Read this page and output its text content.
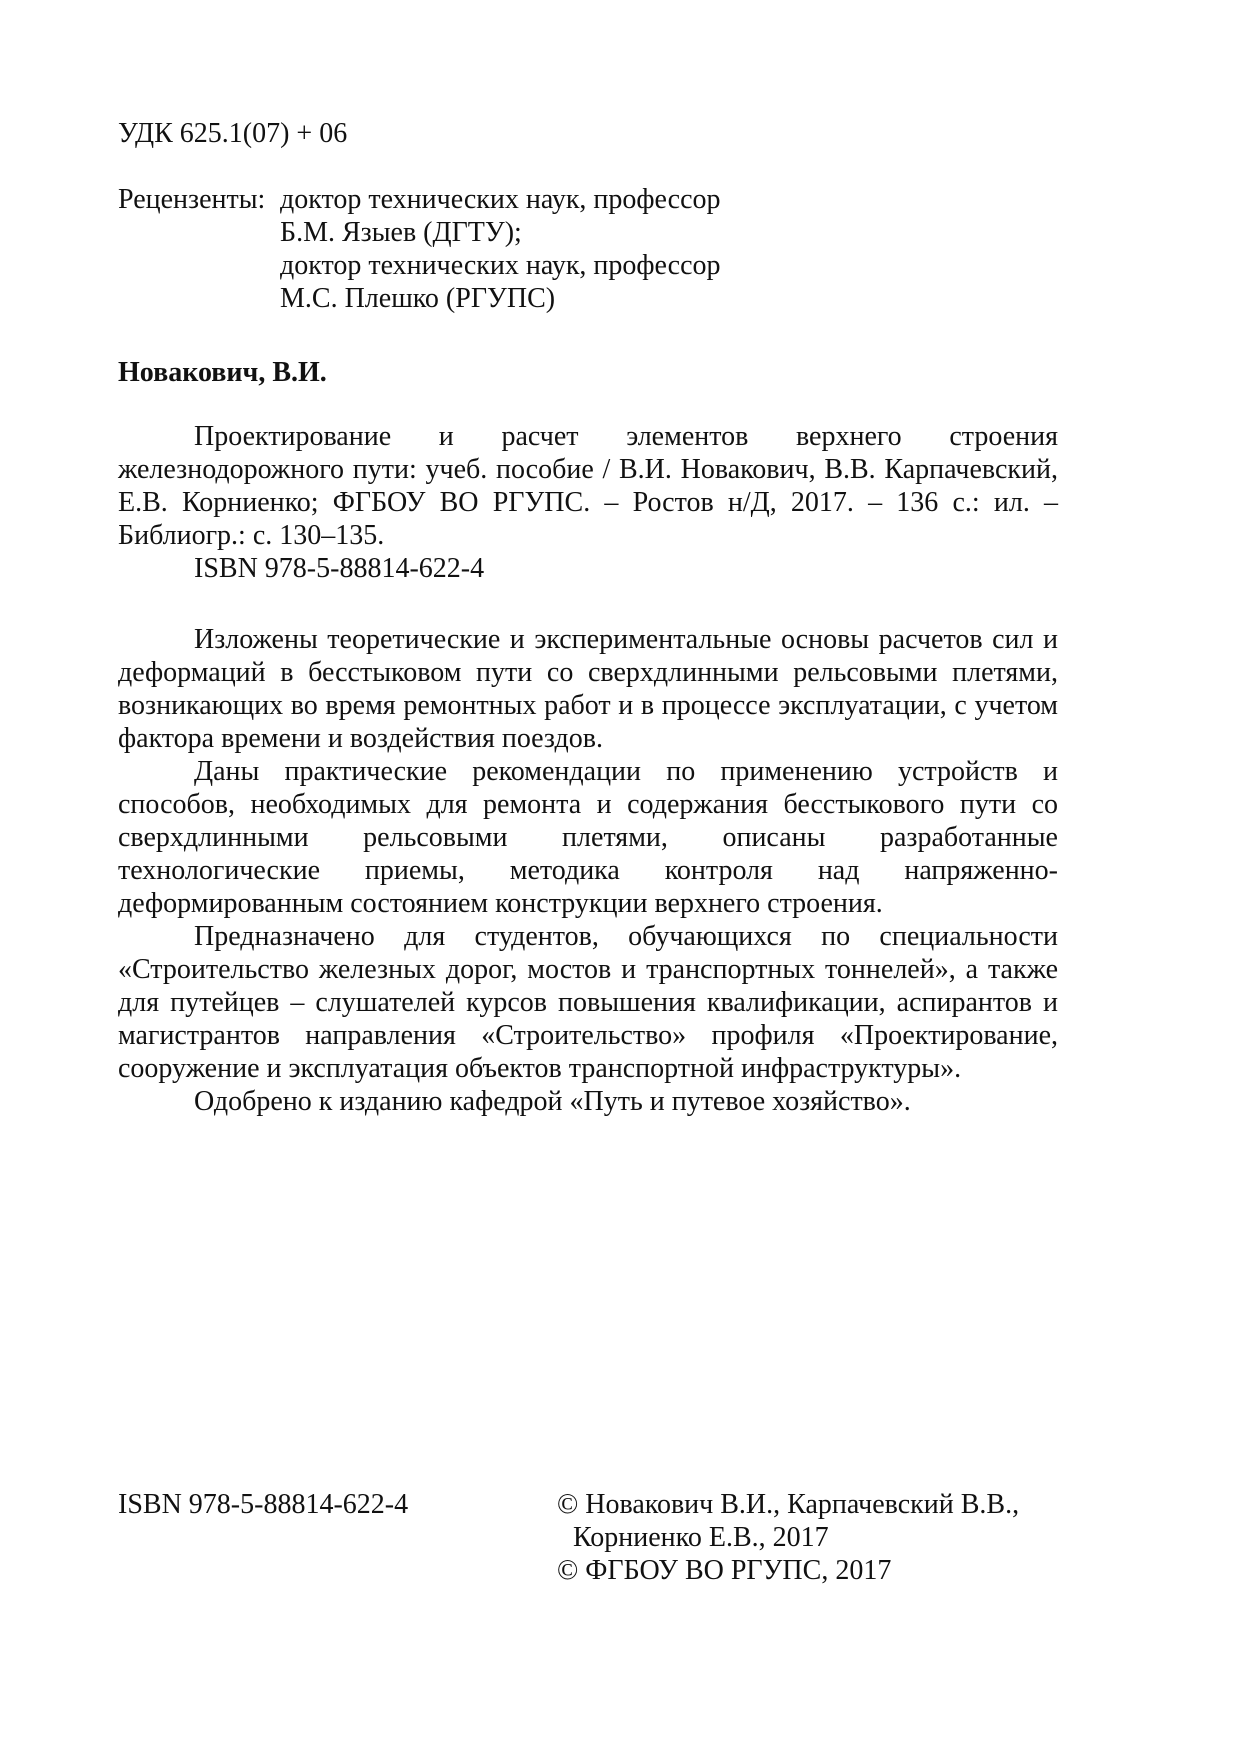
УДК 625.1(07) + 06
Рецензенты: доктор технических наук, профессор
Б.М. Языев (ДГТУ);
доктор технических наук, профессор
М.С. Плешко (РГУПС)
Новакович, В.И.

Проектирование и расчет элементов верхнего строения железнодорожного пути: учеб. пособие / В.И. Новакович, В.В. Карпачевский, Е.В. Корниенко; ФГБОУ ВО РГУПС. – Ростов н/Д, 2017. – 136 с.: ил. – Библиогр.: с. 130–135.

ISBN 978-5-88814-622-4

Изложены теоретические и экспериментальные основы расчетов сил и деформаций в бесстыковом пути со сверхдлинными рельсовыми плетями, возникающих во время ремонтных работ и в процессе эксплуатации, с учетом фактора времени и воздействия поездов.

Даны практические рекомендации по применению устройств и способов, необходимых для ремонта и содержания бесстыкового пути со сверхдлинными рельсовыми плетями, описаны разработанные технологические приемы, методика контроля над напряженно-деформированным состоянием конструкции верхнего строения.

Предназначено для студентов, обучающихся по специальности «Строительство железных дорог, мостов и транспортных тоннелей», а также для путейцев – слушателей курсов повышения квалификации, аспирантов и магистрантов направления «Строительство» профиля «Проектирование, сооружение и эксплуатация объектов транспортной инфраструктуры».

Одобрено к изданию кафедрой «Путь и путевое хозяйство».

ISBN 978-5-88814-622-4	© Новакович В.И., Карпачевский В.В.,
Корниенко Е.В., 2017
© ФГБОУ ВО РГУПС, 2017
